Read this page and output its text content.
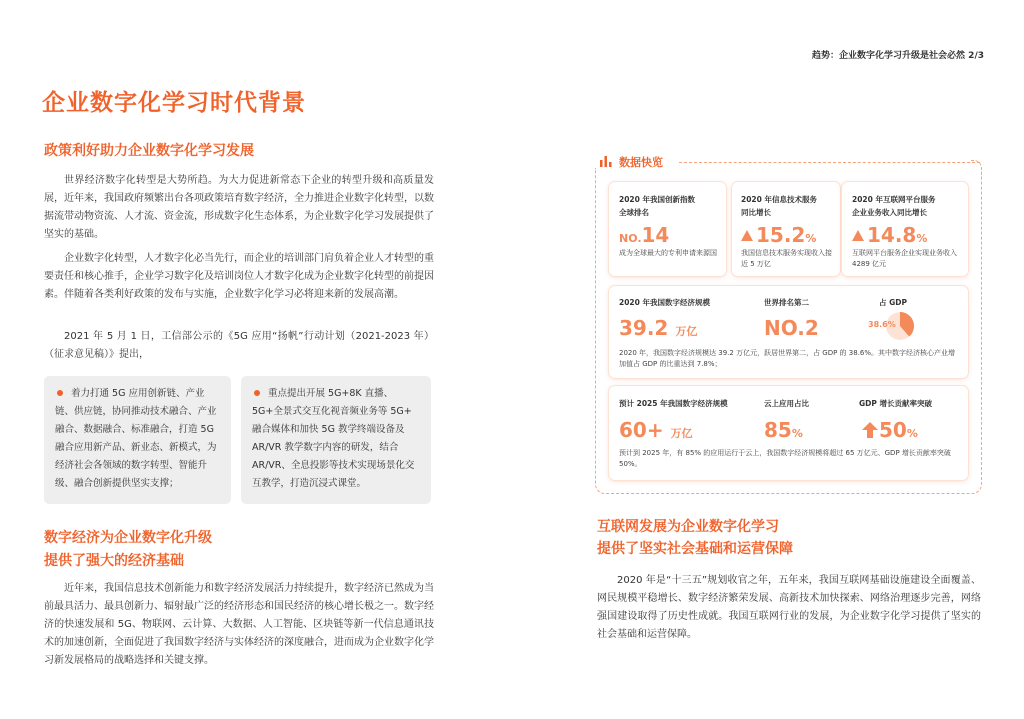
趋势：企业数字化学习升级是社会必然 2/3
企业数字化学习时代背景
政策利好助力企业数字化学习发展

世界经济数字化转型是大势所趋。为大力促进新常态下企业的转型升级和高质量发展，近年来，我国政府频繁出台各项政策培育数字经济，全力推进企业数字化转型，以数据流带动物资流、人才流、资金流，形成数字化生态体系，为企业数字化学习发展提供了坚实的基础。

企业数字化转型，人才数字化必当先行，而企业的培训部门肩负着企业人才转型的重要责任和核心推手，企业学习数字化及培训岗位人才数字化成为企业数字化转型的前提因素。伴随着各类利好政策的发布与实施，企业数字化学习必将迎来新的发展高潮。

2021 年 5 月 1 日，工信部公示的《5G 应用“扬帆”行动计划（2021-2023 年）（征求意见稿）》提出，

着力打通 5G 应用创新链、产业链、供应链，协同推动技术融合、产业融合、数据融合、标准融合，打造 5G 融合应用新产品、新业态、新模式，为经济社会各领域的数字转型、智能升级、融合创新提供坚实支撑；
重点提出开展 5G+8K 直播、5G+全景式交互化视音频业务等 5G+ 融合媒体和加快 5G 教学终端设备及 AR/VR 教学数字内容的研发，结合 AR/VR、全息投影等技术实现场景化交互教学，打造沉浸式课堂。
数字经济为企业数字化升级
提供了强大的经济基础

近年来，我国信息技术创新能力和数字经济发展活力持续提升，数字经济已然成为当前最具活力、最具创新力、辐射最广泛的经济形态和国民经济的核心增长极之一。数字经济的快速发展和 5G、物联网、云计算、大数据、人工智能、区块链等新一代信息通讯技术的加速创新，全面促进了我国数字经济与实体经济的深度融合，进而成为企业数字化学习新发展格局的战略选择和关键支撑。

数据快览
2020 年我国创新指数
全球排名
NO.14
成为全球最大的专利申请来源国
2020 年信息技术服务
同比增长
15.2%
我国信息技术服务实现收入接近 5 万亿
2020 年互联网平台服务
企业业务收入同比增长
14.8%
互联网平台服务企业实现业务收入 4289 亿元
2020 年我国数字经济规模
39.2 万亿
世界排名第二
NO.2
占 GDP
38.6%
2020 年，我国数字经济规模达 39.2 万亿元，跃居世界第二，占 GDP 的 38.6%。其中数字经济核心产业增加值占 GDP 的比重达到 7.8%；
预计 2025 年我国数字经济规模
60+ 万亿
云上应用占比
85%
GDP 增长贡献率突破
50%
预计到 2025 年，有 85% 的应用运行于云上，我国数字经济规模将超过 65 万亿元、GDP 增长贡献率突破 50%。
互联网发展为企业数字化学习
提供了坚实社会基础和运营保障

2020 年是“十三五”规划收官之年，五年来，我国互联网基础设施建设全面覆盖、网民规模平稳增长、数字经济繁荣发展、高新技术加快探索、网络治理逐步完善，网络强国建设取得了历史性成就。我国互联网行业的发展，为企业数字化学习提供了坚实的社会基础和运营保障。
